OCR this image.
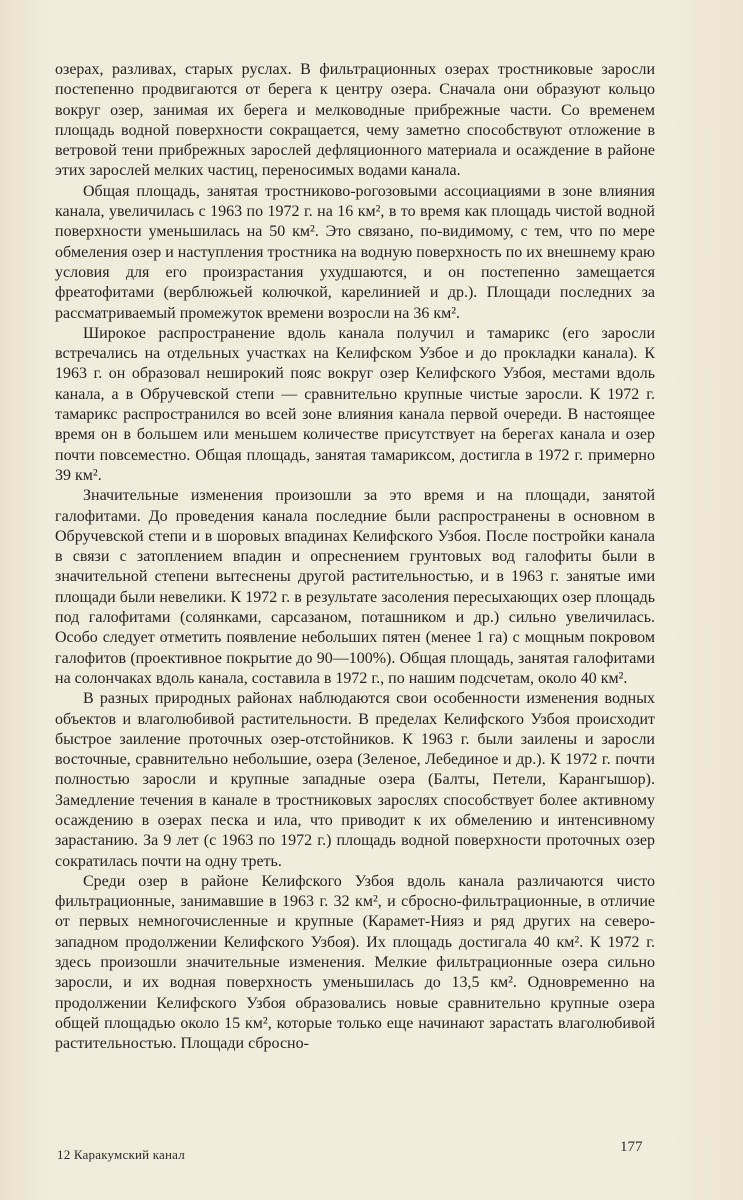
озерах, разливах, старых руслах. В фильтрационных озерах тростниковые заросли постепенно продвигаются от берега к центру озера. Сначала они образуют кольцо вокруг озер, занимая их берега и мелководные прибрежные части. Со временем площадь водной поверхности сокращается, чему заметно способствуют отложение в ветровой тени прибрежных зарослей дефляционного материала и осаждение в районе этих зарослей мелких частиц, переносимых водами канала.

Общая площадь, занятая тростниково-рогозовыми ассоциациями в зоне влияния канала, увеличилась с 1963 по 1972 г. на 16 км², в то время как площадь чистой водной поверхности уменьшилась на 50 км². Это связано, по-видимому, с тем, что по мере обмеления озер и наступления тростника на водную поверхность по их внешнему краю условия для его произрастания ухудшаются, и он постепенно замещается фреатофитами (верблюжьей колючкой, карелинией и др.). Площади последних за рассматриваемый промежуток времени возросли на 36 км².

Широкое распространение вдоль канала получил и тамарикс (его заросли встречались на отдельных участках на Келифском Узбое и до прокладки канала). К 1963 г. он образовал неширокий пояс вокруг озер Келифского Узбоя, местами вдоль канала, а в Обручевской степи — сравнительно крупные чистые заросли. К 1972 г. тамарикс распространился во всей зоне влияния канала первой очереди. В настоящее время он в большем или меньшем количестве присутствует на берегах канала и озер почти повсеместно. Общая площадь, занятая тамариксом, достигла в 1972 г. примерно 39 км².

Значительные изменения произошли за это время и на площади, занятой галофитами. До проведения канала последние были распространены в основном в Обручевской степи и в шоровых впадинах Келифского Узбоя. После постройки канала в связи с затоплением впадин и опреснением грунтовых вод галофиты были в значительной степени вытеснены другой растительностью, и в 1963 г. занятые ими площади были невелики. К 1972 г. в результате засоления пересыхающих озер площадь под галофитами (солянками, сарсазаном, поташником и др.) сильно увеличилась. Особо следует отметить появление небольших пятен (менее 1 га) с мощным покровом галофитов (проективное покрытие до 90—100%). Общая площадь, занятая галофитами на солончаках вдоль канала, составила в 1972 г., по нашим подсчетам, около 40 км².

В разных природных районах наблюдаются свои особенности изменения водных объектов и влаголюбивой растительности. В пределах Келифского Узбоя происходит быстрое заиление проточных озер-отстойников. К 1963 г. были заилены и заросли восточные, сравнительно небольшие, озера (Зеленое, Лебединое и др.). К 1972 г. почти полностью заросли и крупные западные озера (Балты, Петели, Карангышор). Замедление течения в канале в тростниковых зарослях способствует более активному осаждению в озерах песка и ила, что приводит к их обмелению и интенсивному зарастанию. За 9 лет (с 1963 по 1972 г.) площадь водной поверхности проточных озер сократилась почти на одну треть.

Среди озер в районе Келифского Узбоя вдоль канала различаются чисто фильтрационные, занимавшие в 1963 г. 32 км², и сбросно-фильтрационные, в отличие от первых немногочисленные и крупные (Карамет-Нияз и ряд других на северо-западном продолжении Келифского Узбоя). Их площадь достигала 40 км². К 1972 г. здесь произошли значительные изменения. Мелкие фильтрационные озера сильно заросли, и их водная поверхность уменьшилась до 13,5 км². Одновременно на продолжении Келифского Узбоя образовались новые сравнительно крупные озера общей площадью около 15 км², которые только еще начинают зарастать влаголюбивой растительностью. Площади сбросно-

12 Каракумский канал	177
